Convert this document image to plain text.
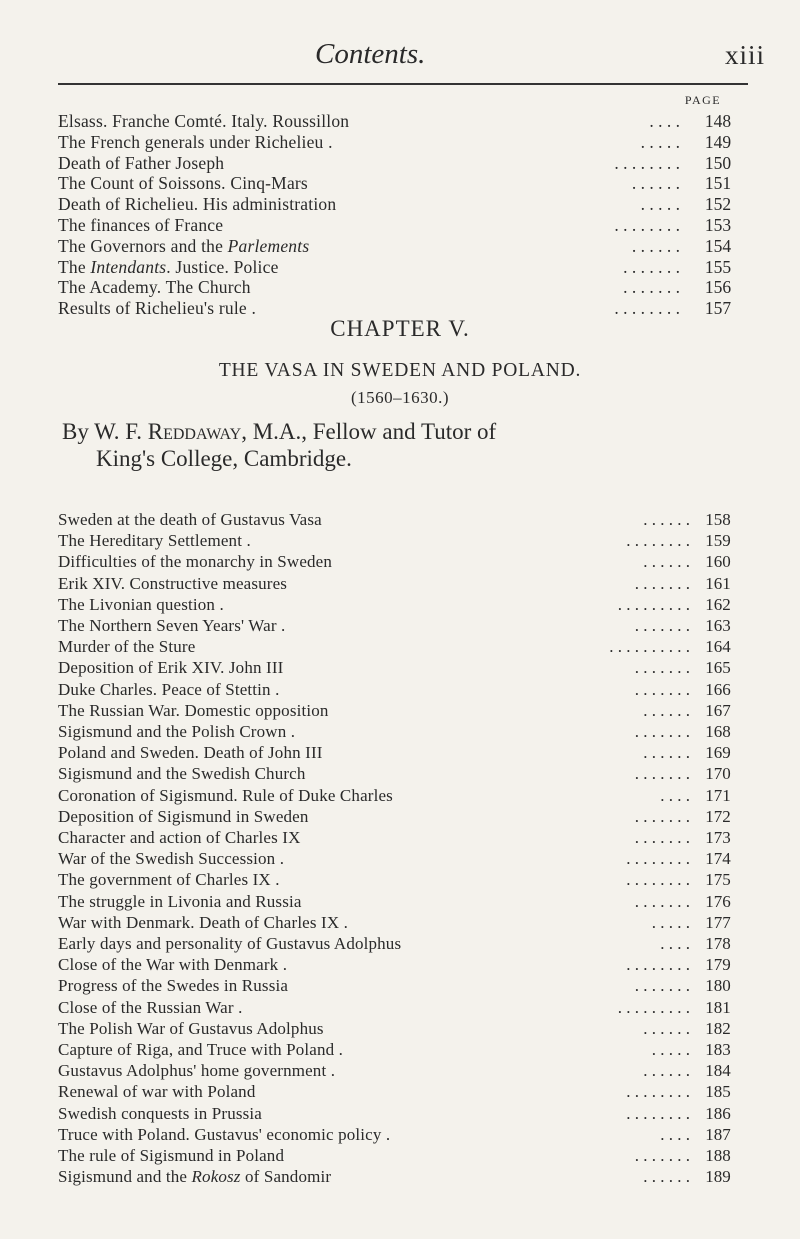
Contents.	xiii
PAGE
Elsass. Franche Comté. Italy. Roussillon	. . . .	148
The French generals under Richelieu .	. . . . .	149
Death of Father Joseph	. . . . . . . .	150
The Count of Soissons. Cinq-Mars	. . . . . .	151
Death of Richelieu. His administration	. . . . .	152
The finances of France	. . . . . . . .	153
The Governors and the Parlements	. . . . . .	154
The Intendants. Justice. Police	. . . . . . .	155
The Academy. The Church	. . . . . . .	156
Results of Richelieu's rule .	. . . . . . . .	157
CHAPTER V.
THE VASA IN SWEDEN AND POLAND.
(1560–1630.)
By W. F. Reddaway, M.A., Fellow and Tutor of
King's College, Cambridge.
Sweden at the death of Gustavus Vasa	. . . . . . 158
The Hereditary Settlement .	. . . . . . . . 159
Difficulties of the monarchy in Sweden	. . . . . . 160
Erik XIV. Constructive measures	. . . . . . . 161
The Livonian question .	. . . . . . . . . 162
The Northern Seven Years' War .	. . . . . . . 163
Murder of the Sture	. . . . . . . . . . 164
Deposition of Erik XIV. John III	. . . . . . . 165
Duke Charles. Peace of Stettin .	. . . . . . . 166
The Russian War. Domestic opposition	. . . . . . 167
Sigismund and the Polish Crown .	. . . . . . . 168
Poland and Sweden. Death of John III	. . . . . . 169
Sigismund and the Swedish Church	. . . . . . . 170
Coronation of Sigismund. Rule of Duke Charles	. . . . 171
Deposition of Sigismund in Sweden	. . . . . . . 172
Character and action of Charles IX	. . . . . . . 173
War of the Swedish Succession .	. . . . . . . . 174
The government of Charles IX .	. . . . . . . . 175
The struggle in Livonia and Russia	. . . . . . . 176
War with Denmark. Death of Charles IX .	. . . . . 177
Early days and personality of Gustavus Adolphus	. . . . 178
Close of the War with Denmark .	. . . . . . . . 179
Progress of the Swedes in Russia	. . . . . . . 180
Close of the Russian War .	. . . . . . . . . 181
The Polish War of Gustavus Adolphus	. . . . . . 182
Capture of Riga, and Truce with Poland .	. . . . . 183
Gustavus Adolphus' home government .	. . . . . . 184
Renewal of war with Poland	. . . . . . . . 185
Swedish conquests in Prussia	. . . . . . . . 186
Truce with Poland. Gustavus' economic policy .	. . . . 187
The rule of Sigismund in Poland	. . . . . . . 188
Sigismund and the Rokosz of Sandomir	. . . . . . 189
